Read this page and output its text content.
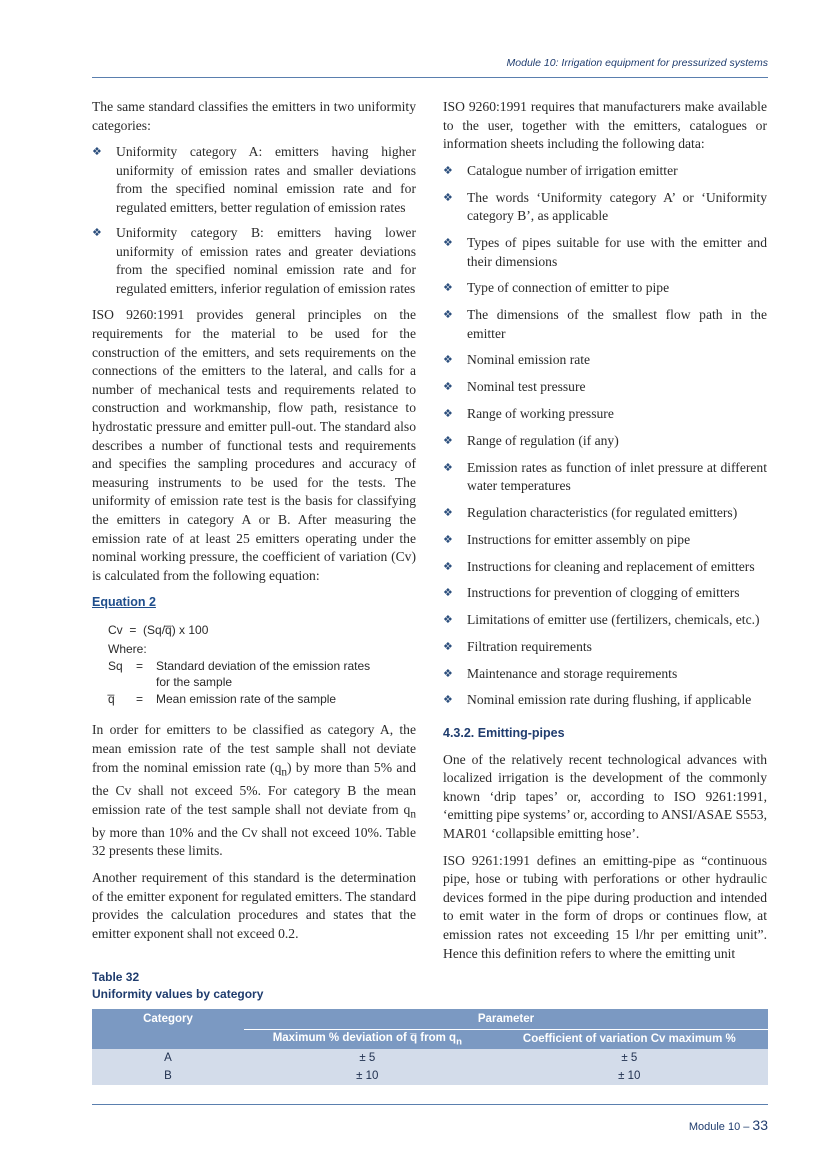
Module 10: Irrigation equipment for pressurized systems

The same standard classifies the emitters in two uniformity categories:

❖ Uniformity category A: emitters having higher uniformity of emission rates and smaller deviations from the specified nominal emission rate and for regulated emitters, better regulation of emission rates
❖ Uniformity category B: emitters having lower uniformity of emission rates and greater deviations from the specified nominal emission rate and for regulated emitters, inferior regulation of emission rates

ISO 9260:1991 provides general principles on the requirements for the material to be used for the construction of the emitters, and sets requirements on the connections of the emitters to the lateral, and calls for a number of mechanical tests and requirements related to construction and workmanship, flow path, resistance to hydrostatic pressure and emitter pull-out. The standard also describes a number of functional tests and requirements and specifies the sampling procedures and accuracy of measuring instruments to be used for the tests. The uniformity of emission rate test is the basis for classifying the emitters in category A or B. After measuring the emission rate of at least 25 emitters operating under the nominal working pressure, the coefficient of variation (Cv) is calculated from the following equation:

Equation 2
Cv
=
(Sq/q̅) x 100
Where:
Sq	=	Standard deviation of the emission rates
for the sample
q̅	=	Mean emission rate of the sample

In order for emitters to be classified as category A, the mean emission rate of the test sample shall not deviate from the nominal emission rate $(q_n)$ by more than 5% and the Cv shall not exceed 5%. For category B the mean emission rate of the test sample shall not deviate from $q_n$ by more than 10% and the Cv shall not exceed 10%. Table 32 presents these limits.

Another requirement of this standard is the determination of the emitter exponent for regulated emitters. The standard provides the calculation procedures and states that the emitter exponent shall not exceed 0.2.

ISO 9260:1991 requires that manufacturers make available to the user, together with the emitters, catalogues or information sheets including the following data:

❖ Catalogue number of irrigation emitter
❖ The words ‘Uniformity category A’ or ‘Uniformity category B’, as applicable
❖ Types of pipes suitable for use with the emitter and their dimensions
❖ Type of connection of emitter to pipe
❖ The dimensions of the smallest flow path in the emitter
❖ Nominal emission rate
❖ Nominal test pressure
❖ Range of working pressure
❖ Range of regulation (if any)
❖ Emission rates as function of inlet pressure at different water temperatures
❖ Regulation characteristics (for regulated emitters)
❖ Instructions for emitter assembly on pipe
❖ Instructions for cleaning and replacement of emitters
❖ Instructions for prevention of clogging of emitters
❖ Limitations of emitter use (fertilizers, chemicals, etc.)
❖ Filtration requirements
❖ Maintenance and storage requirements
❖ Nominal emission rate during flushing, if applicable
4.3.2. Emitting-pipes

One of the relatively recent technological advances with localized irrigation is the development of the commonly known ‘drip tapes’ or, according to ISO 9261:1991, ‘emitting pipe systems’ or, according to ANSI/ASAE S553, MAR01 ‘collapsible emitting hose’.

ISO 9261:1991 defines an emitting-pipe as “continuous pipe, hose or tubing with perforations or other hydraulic devices formed in the pipe during production and intended to emit water in the form of drops or continues flow, at emission rates not exceeding 15 l/hr per emitting unit”. Hence this definition refers to where the emitting unit

Table 32
Uniformity values by category
Category	Parameter	
	Maximum % deviation of q̅ from $q_n$	Coefficient of variation Cv maximum %
A	± 5	± 5
B	± 10	± 10
Module 10 – 33
